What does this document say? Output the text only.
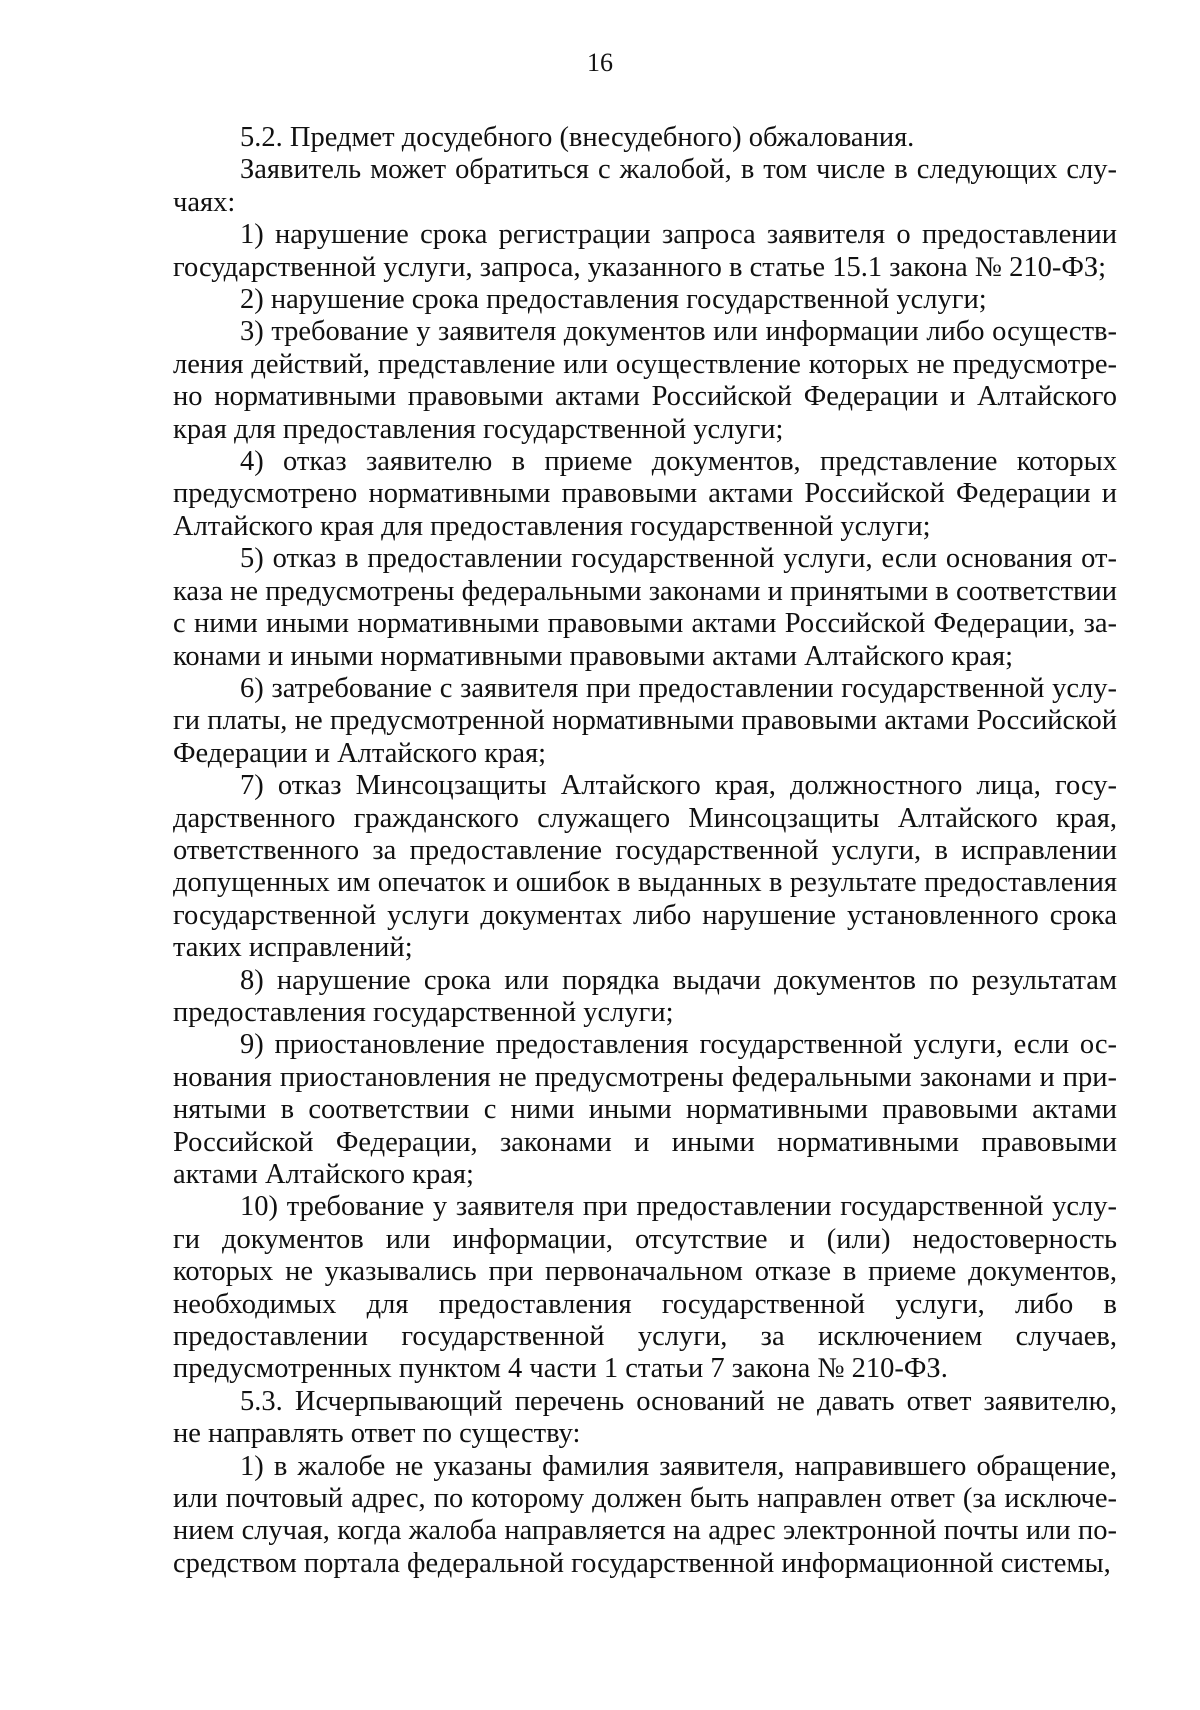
16

5.2. Предмет досудебного (внесудебного) обжалования.

Заявитель может обратиться с жалобой, в том числе в следующих случаях:

1) нарушение срока регистрации запроса заявителя о предоставлении государственной услуги, запроса, указанного в статье 15.1 закона № 210-ФЗ;

2) нарушение срока предоставления государственной услуги;

3) требование у заявителя документов или информации либо осуществления действий, представление или осуществление которых не предусмотрено нормативными правовыми актами Российской Федерации и Алтайского края для предоставления государственной услуги;

4) отказ заявителю в приеме документов, представление которых предусмотрено нормативными правовыми актами Российской Федерации и Алтайского края для предоставления государственной услуги;

5) отказ в предоставлении государственной услуги, если основания отказа не предусмотрены федеральными законами и принятыми в соответствии с ними иными нормативными правовыми актами Российской Федерации, законами и иными нормативными правовыми актами Алтайского края;

6) затребование с заявителя при предоставлении государственной услуги платы, не предусмотренной нормативными правовыми актами Российской Федерации и Алтайского края;

7) отказ Минсоцзащиты Алтайского края, должностного лица, государственного гражданского служащего Минсоцзащиты Алтайского края, ответственного за предоставление государственной услуги, в исправлении допущенных им опечаток и ошибок в выданных в результате предоставления государственной услуги документах либо нарушение установленного срока таких исправлений;

8) нарушение срока или порядка выдачи документов по результатам предоставления государственной услуги;

9) приостановление предоставления государственной услуги, если основания приостановления не предусмотрены федеральными законами и принятыми в соответствии с ними иными нормативными правовыми актами Российской Федерации, законами и иными нормативными правовыми актами Алтайского края;

10) требование у заявителя при предоставлении государственной услуги документов или информации, отсутствие и (или) недостоверность которых не указывались при первоначальном отказе в приеме документов, необходимых для предоставления государственной услуги, либо в предоставлении государственной услуги, за исключением случаев, предусмотренных пунктом 4 части 1 статьи 7 закона № 210-ФЗ.

5.3. Исчерпывающий перечень оснований не давать ответ заявителю, не направлять ответ по существу:

1) в жалобе не указаны фамилия заявителя, направившего обращение, или почтовый адрес, по которому должен быть направлен ответ (за исключением случая, когда жалоба направляется на адрес электронной почты или посредством портала федеральной государственной информационной системы,
